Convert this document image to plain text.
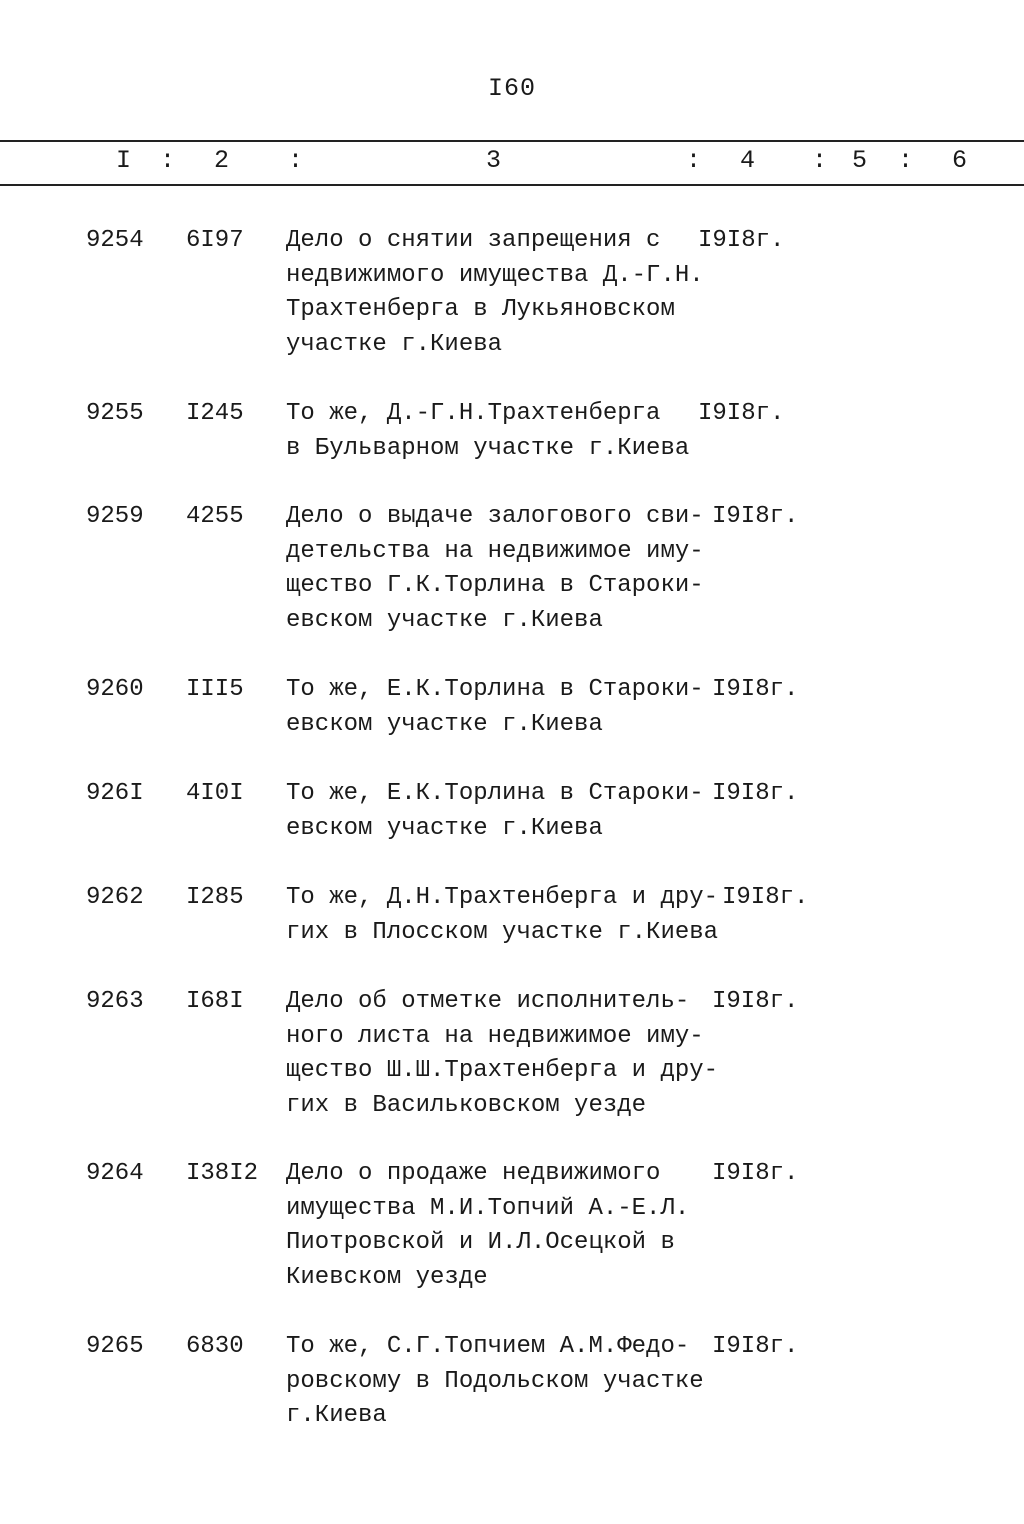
I60
I : 2 :	3	: 4 : 5 : 6
9254 6I97 Дело о снятии запрещения с
недвижимого имущества Д.-Г.Н.
Трахтенберга в Лукьяновском
участке г.Киева
I9I8г.
9255 I245 То же, Д.-Г.Н.Трахтенберга
в Бульварном участке г.Киева
I9I8г.
9259 4255 Дело о выдаче залогового сви-
детельства на недвижимое иму-
щество Г.К.Торлина в Староки-
евском участке г.Киева
I9I8г.
9260 III5 То же, Е.К.Торлина в Староки-
евском участке г.Киева
I9I8г.
926I 4I0I То же, Е.К.Торлина в Староки-
евском участке г.Киева
I9I8г.
9262 I285 То же, Д.Н.Трахтенберга и дру-
гих в Плосском участке г.Киева
I9I8г.
9263 I68I Дело об отметке исполнитель-
ного листа на недвижимое иму-
щество Ш.Ш.Трахтенберга и дру-
гих в Васильковском уезде
I9I8г.
9264 I38I2 Дело о продаже недвижимого
имущества М.И.Топчий А.-Е.Л.
Пиотровской и И.Л.Осецкой в
Киевском уезде
I9I8г.
9265 6830 То же, С.Г.Топчием А.М.Федо-
ровскому в Подольском участке
г.Киева
I9I8г.
